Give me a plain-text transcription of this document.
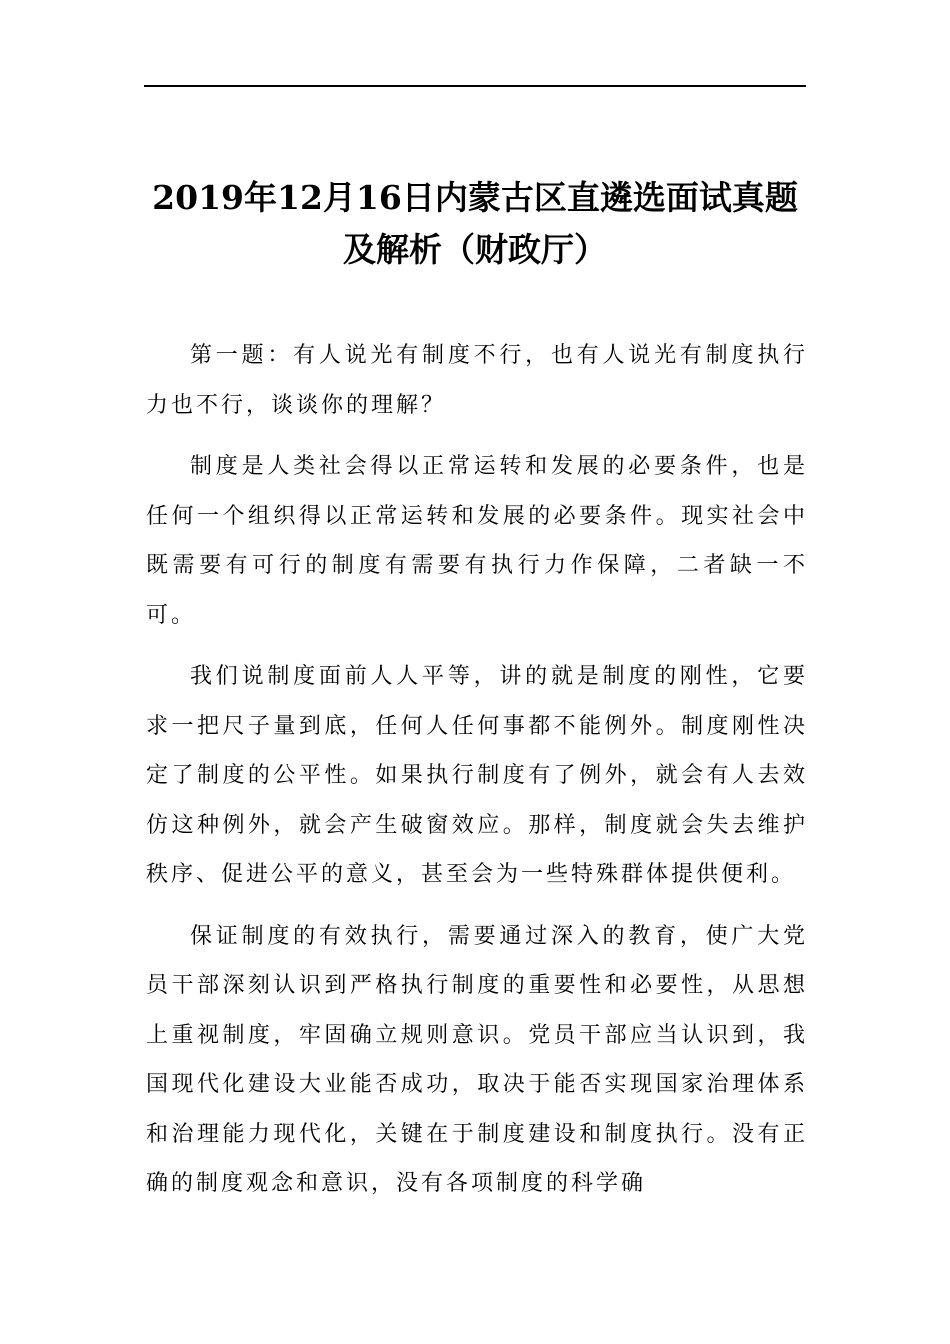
2019年12月16日内蒙古区直遴选面试真题及解析（财政厅）

第一题：有人说光有制度不行，也有人说光有制度执行力也不行，谈谈你的理解？

制度是人类社会得以正常运转和发展的必要条件，也是任何一个组织得以正常运转和发展的必要条件。现实社会中既需要有可行的制度有需要有执行力作保障，二者缺一不可。

我们说制度面前人人平等，讲的就是制度的刚性，它要求一把尺子量到底，任何人任何事都不能例外。制度刚性决定了制度的公平性。如果执行制度有了例外，就会有人去效仿这种例外，就会产生破窗效应。那样，制度就会失去维护秩序、促进公平的意义，甚至会为一些特殊群体提供便利。

保证制度的有效执行，需要通过深入的教育，使广大党员干部深刻认识到严格执行制度的重要性和必要性，从思想上重视制度，牢固确立规则意识。党员干部应当认识到，我国现代化建设大业能否成功，取决于能否实现国家治理体系和治理能力现代化，关键在于制度建设和制度执行。没有正确的制度观念和意识，没有各项制度的科学确
